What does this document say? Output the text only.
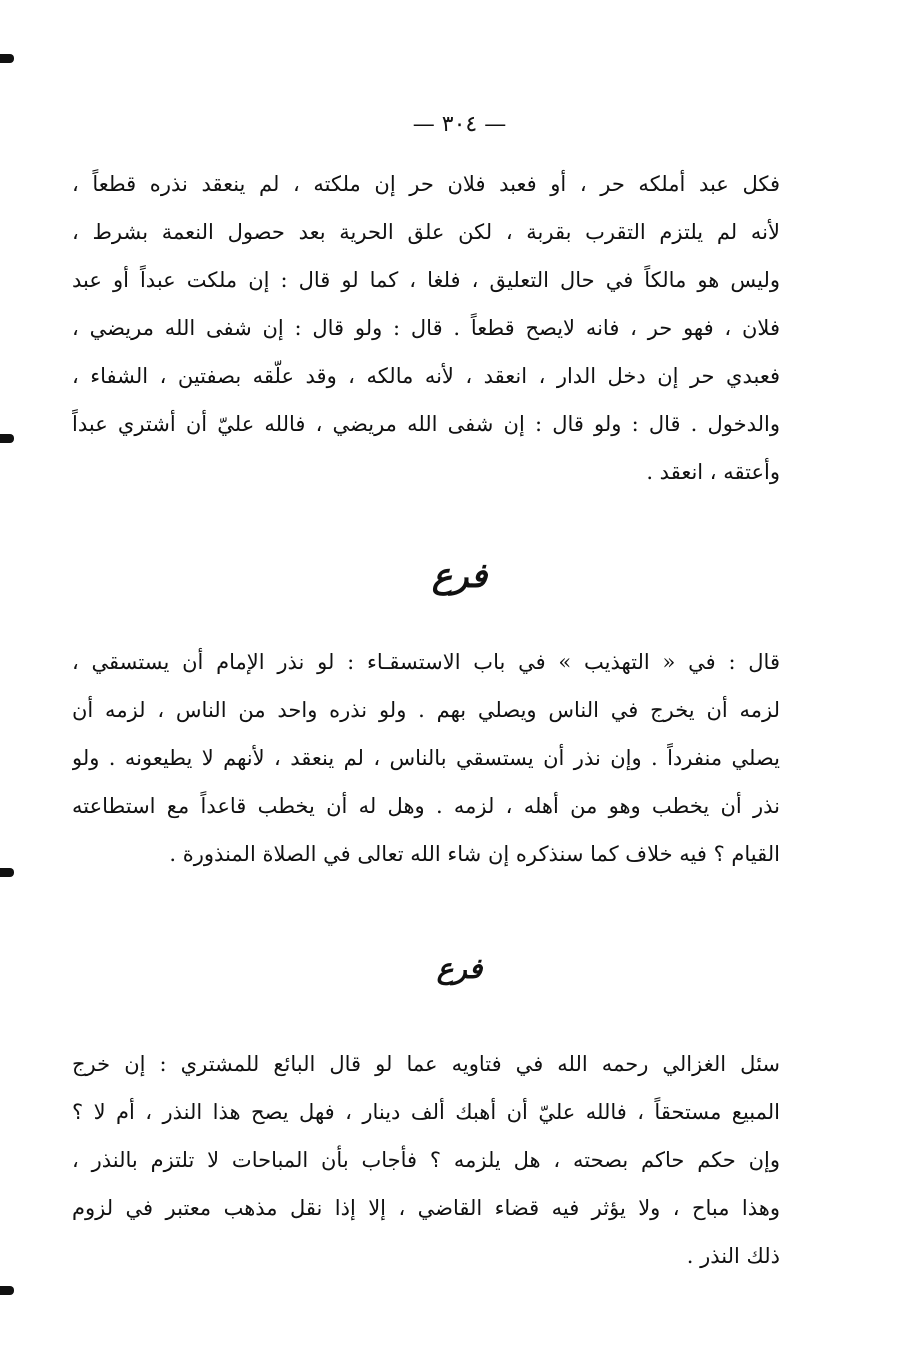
— ٣٠٤ —
فكل عبد أملكه حر ، أو فعبد فلان حر إن ملكته ، لم ينعقد نذره قطعاً ،
لأنه لم يلتزم التقرب بقربة ، لكن علق الحرية بعد حصول النعمة بشرط ،
وليس هو مالكاً في حال التعليق ، فلغا ، كما لو قال : إن ملكت عبداً أو عبد
فلان ، فهو حر ، فانه لايصح قطعاً . قال : ولو قال : إن شفى الله مريضي ،
فعبدي حر إن دخل الدار ، انعقد ، لأنه مالكه ، وقد علّقه بصفتين ، الشفاء ،
والدخول . قال : ولو قال : إن شفى الله مريضي ، فالله عليّ أن أشتري عبداً
وأعتقه ، انعقد .
فرع
قال : في « التهذيب » في باب الاستسقـاء : لو نذر الإمام أن يستسقي ،
لزمه أن يخرج في الناس ويصلي بهم . ولو نذره واحد من الناس ، لزمه أن
يصلي منفرداً . وإن نذر أن يستسقي بالناس ، لم ينعقد ، لأنهم لا يطيعونه . ولو
نذر أن يخطب وهو من أهله ، لزمه . وهل له أن يخطب قاعداً مع استطاعته
القيام ؟ فيه خلاف كما سنذكره إن شاء الله تعالى في الصلاة المنذورة .
فرع
سئل الغزالي رحمه الله في فتاويه عما لو قال البائع للمشتري : إن خرج
المبيع مستحقاً ، فالله عليّ أن أهبك ألف دينار ، فهل يصح هذا النذر ، أم لا ؟
وإن حكم حاكم بصحته ، هل يلزمه ؟ فأجاب بأن المباحات لا تلتزم بالنذر ،
وهذا مباح ، ولا يؤثر فيه قضاء القاضي ، إلا إذا نقل مذهب معتبر في لزوم
ذلك النذر .
